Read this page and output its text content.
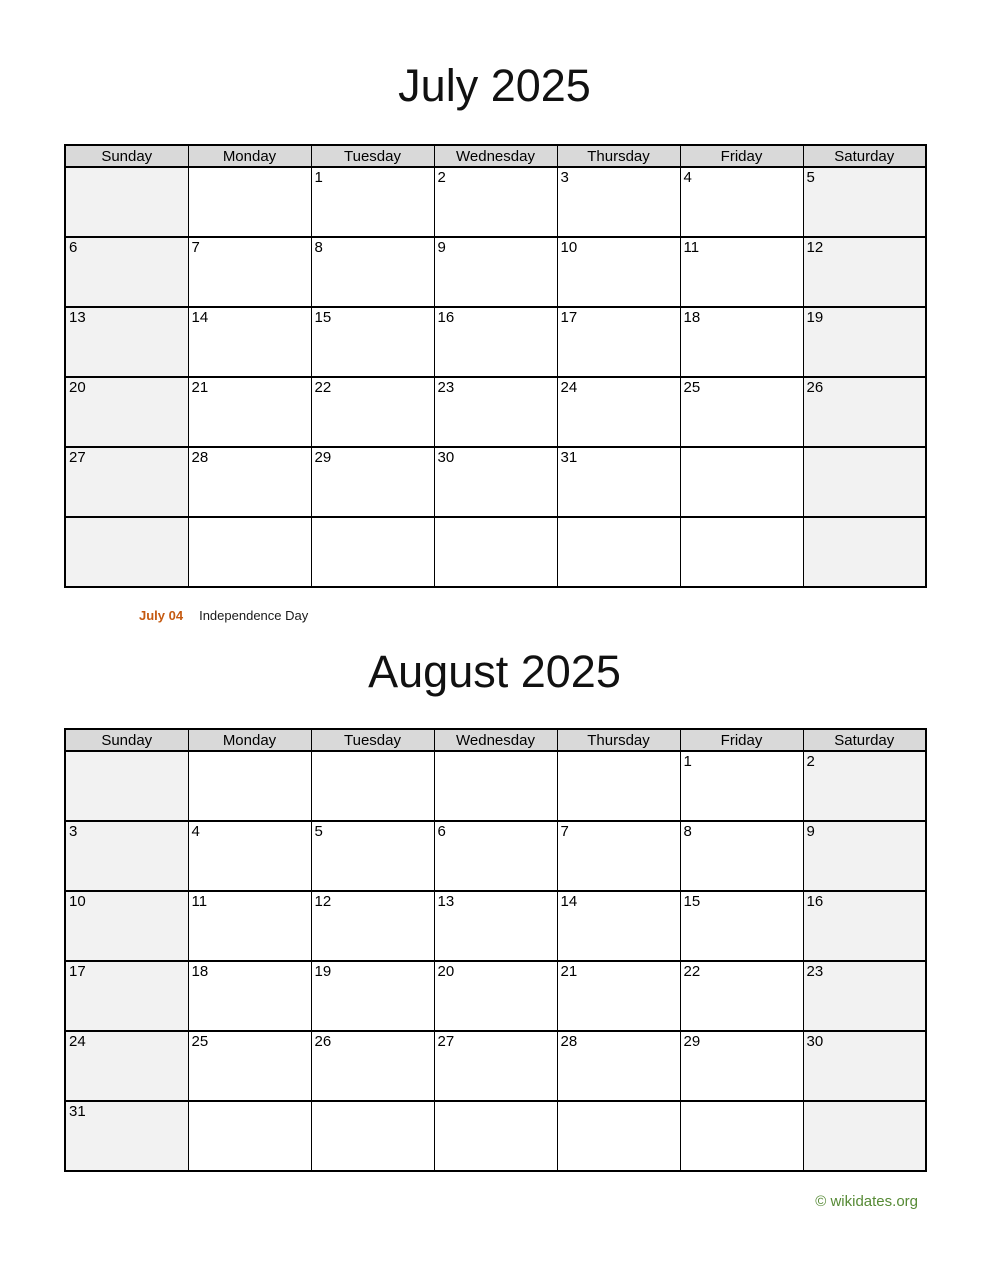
July 2025
Sunday	Monday	Tuesday	Wednesday	Thursday	Friday	Saturday
		1	2	3	4	5
6	7	8	9	10	11	12
13	14	15	16	17	18	19
20	21	22	23	24	25	26
27	28	29	30	31		

July 04 Independence Day
August 2025
Sunday	Monday	Tuesday	Wednesday	Thursday	Friday	Saturday
					1	2
3	4	5	6	7	8	9
10	11	12	13	14	15	16
17	18	19	20	21	22	23
24	25	26	27	28	29	30
31						
© wikidates.org
